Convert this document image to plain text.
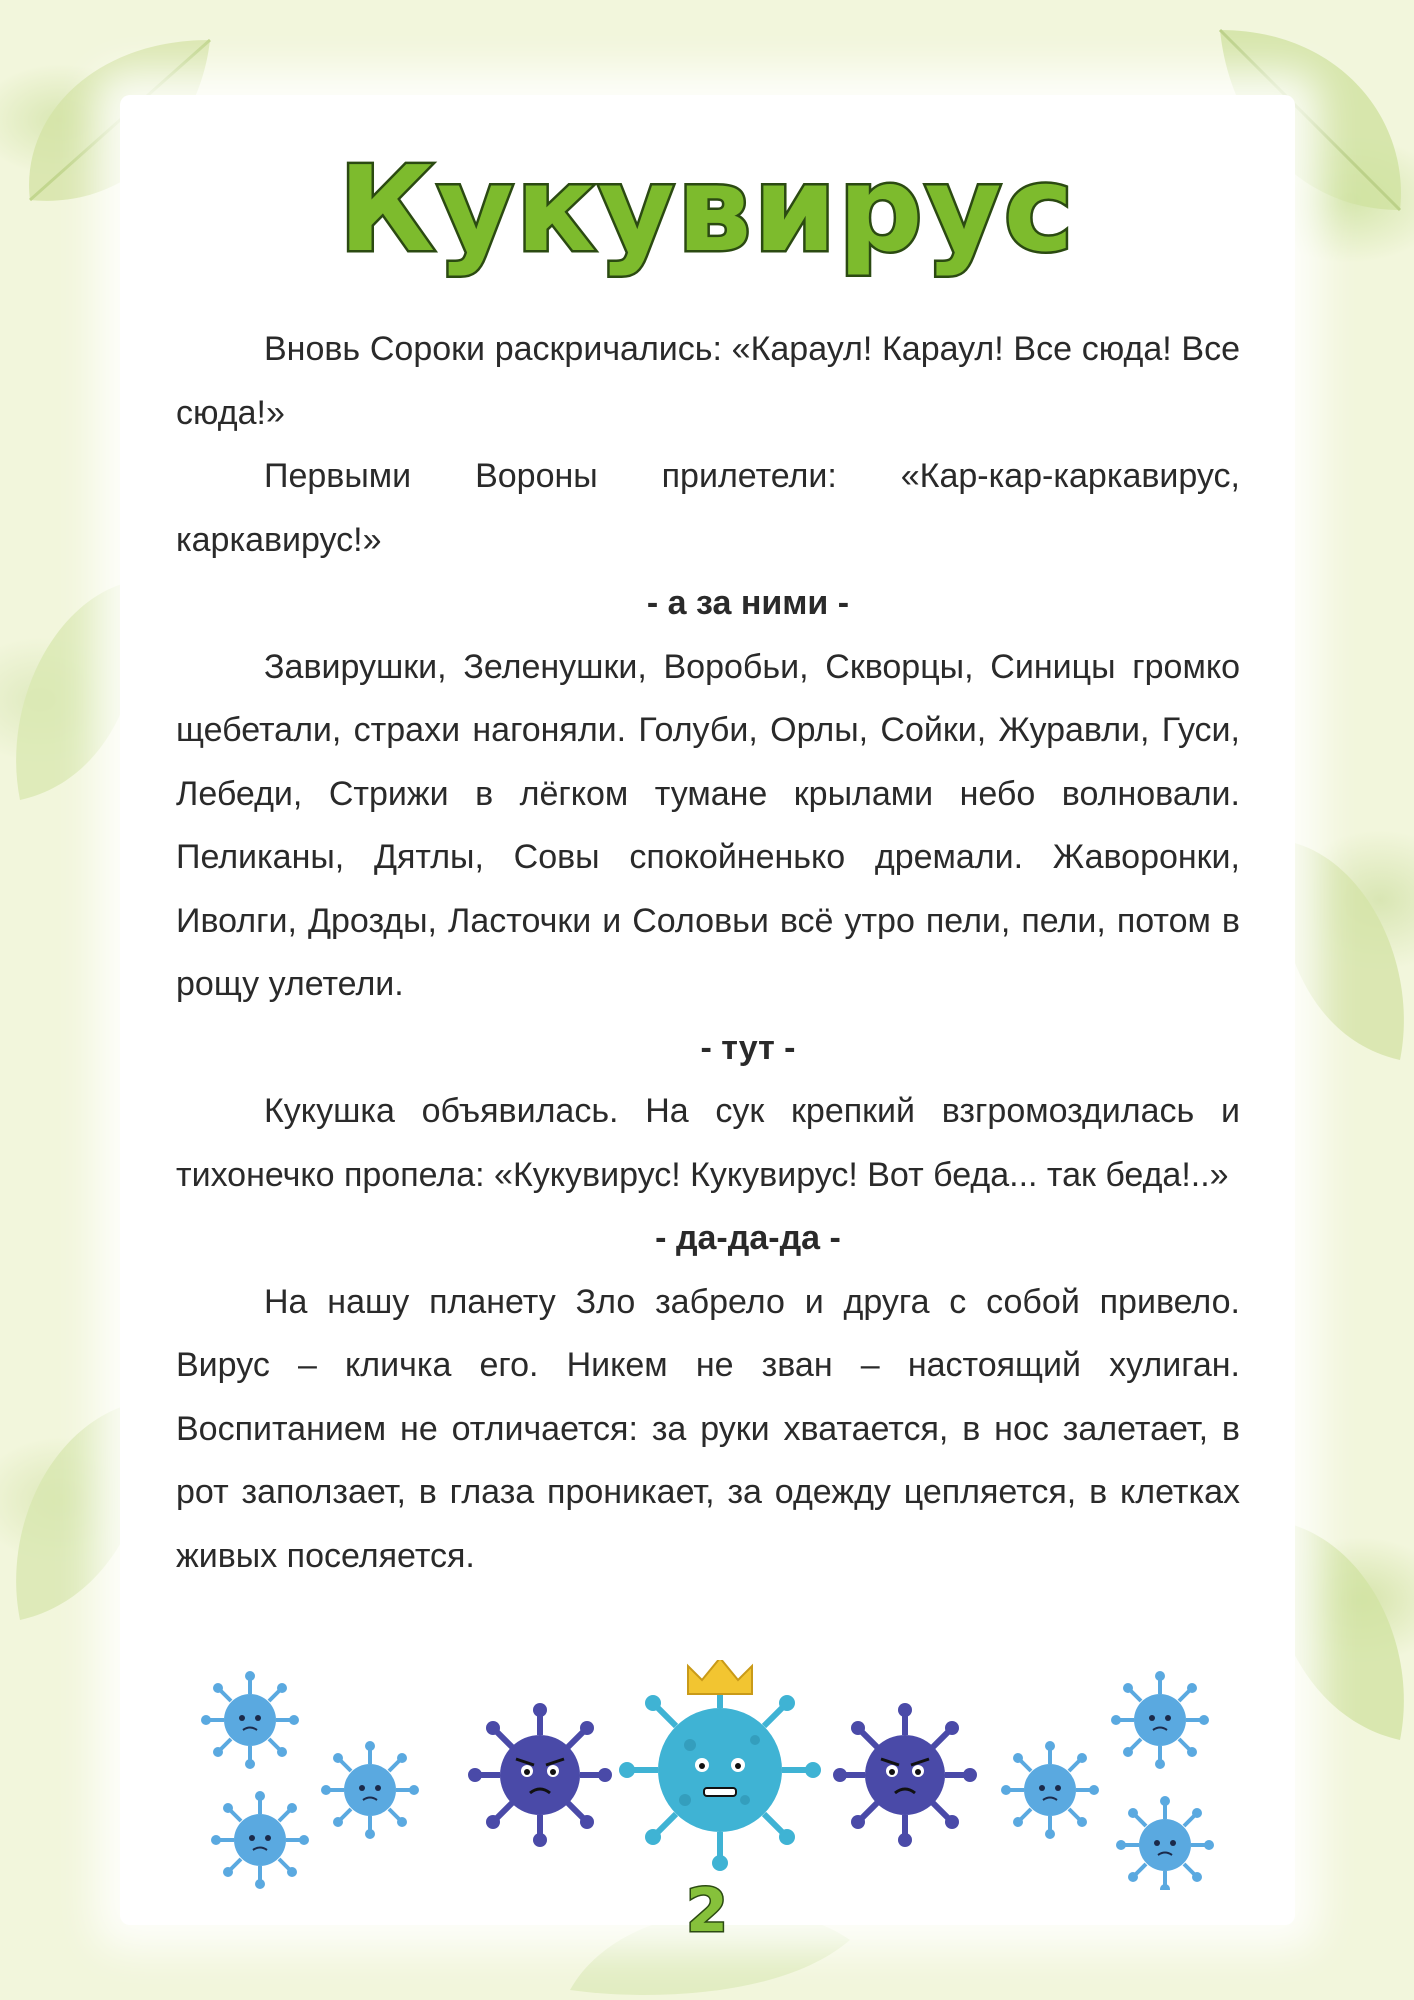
Кукувирус

Вновь Сороки раскричались: «Караул! Караул! Все сюда! Все сюда!»

Первыми Вороны прилетели: «Кар-кар-каркавирус, каркавирус!»

- а за ними -

Завирушки, Зеленушки, Воробьи, Скворцы, Синицы громко щебетали, страхи нагоняли. Голуби, Орлы, Сойки, Журавли, Гуси, Лебеди, Стрижи в лёгком тумане крылами небо волновали. Пеликаны, Дятлы, Совы спокойненько дремали. Жаворонки, Иволги, Дрозды, Ласточки и Соловьи всё утро пели, пели, потом в рощу улетели.

- тут -

Кукушка объявилась. На сук крепкий взгромоздилась и тихонечко пропела: «Кукувирус! Кукувирус! Вот беда... так беда!..»

- да-да-да -

На нашу планету Зло забрело и друга с собой привело. Вирус – кличка его. Никем не зван – настоящий хулиган. Воспитанием не отличается: за руки хватается, в нос залетает, в рот заползает, в глаза проникает, за одежду цепляется, в клетках живых поселяется.

2
